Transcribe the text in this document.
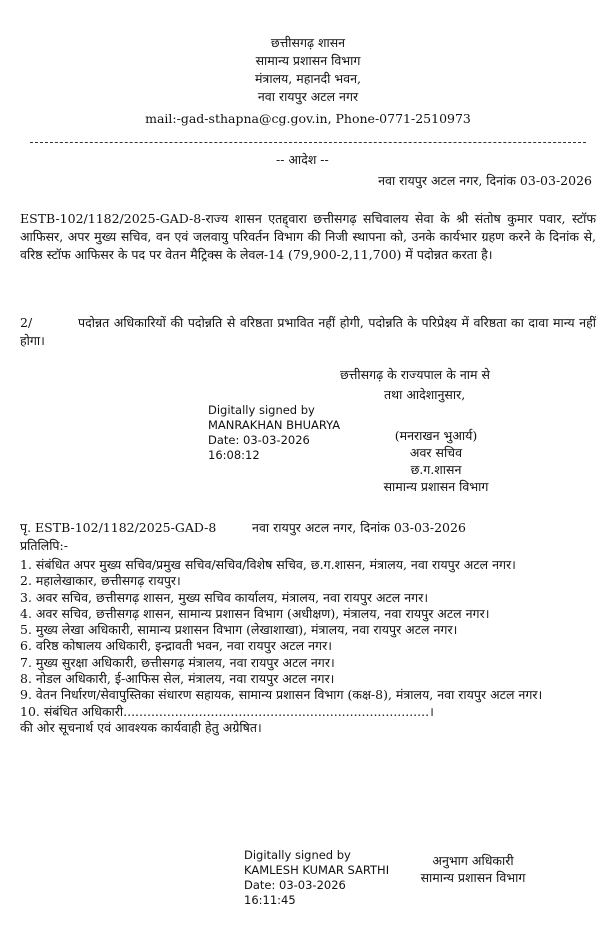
छत्तीसगढ़ शासन
सामान्य प्रशासन विभाग
मंत्रालय, महानदी भवन,
नवा रायपुर अटल नगर
mail:-gad-sthapna@cg.gov.in, Phone-0771-2510973
-- आदेश --
नवा रायपुर अटल नगर, दिनांक 03-03-2026
ESTB-102/1182/2025-GAD-8-राज्य शासन एतद्द्वारा छत्तीसगढ़ सचिवालय सेवा के श्री संतोष कुमार पवार, स्टॉफ आफिसर, अपर मुख्य सचिव, वन एवं जलवायु परिवर्तन विभाग की निजी स्थापना को, उनके कार्यभार ग्रहण करने के दिनांक से, वरिष्ठ स्टॉफ आफिसर के पद पर वेतन मैट्रिक्स के लेवल-14 (79,900-2,11,700) में पदोन्नत करता है।
2/	पदोन्नत अधिकारियों की पदोन्नति से वरिष्ठता प्रभावित नहीं होगी, पदोन्नति के परिप्रेक्ष्य में वरिष्ठता का दावा मान्य नहीं होगा।
छत्तीसगढ़ के राज्यपाल के नाम से
तथा आदेशानुसार,
Digitally signed by
MANRAKHAN BHUARYA
Date: 03-03-2026
16:08:12
(मनराखन भुआर्य)
अवर सचिव
छ.ग.शासन
सामान्य प्रशासन विभाग
पृ. ESTB-102/1182/2025-GAD-8	नवा रायपुर अटल नगर, दिनांक 03-03-2026
प्रतिलिपि:-
1. संबंधित अपर मुख्य सचिव/प्रमुख सचिव/सचिव/विशेष सचिव, छ.ग.शासन, मंत्रालय, नवा रायपुर अटल नगर।
2. महालेखाकार, छत्तीसगढ़ रायपुर।
3. अवर सचिव, छत्तीसगढ़ शासन, मुख्य सचिव कार्यालय, मंत्रालय, नवा रायपुर अटल नगर।
4. अवर सचिव, छत्तीसगढ़ शासन, सामान्य प्रशासन विभाग (अधीक्षण), मंत्रालय, नवा रायपुर अटल नगर।
5. मुख्य लेखा अधिकारी, सामान्य प्रशासन विभाग (लेखाशाखा), मंत्रालय, नवा रायपुर अटल नगर।
6. वरिष्ठ कोषालय अधिकारी, इन्द्रावती भवन, नवा रायपुर अटल नगर।
7. मुख्य सुरक्षा अधिकारी, छत्तीसगढ़ मंत्रालय, नवा रायपुर अटल नगर।
8. नोडल अधिकारी, ई-आफिस सेल, मंत्रालय, नवा रायपुर अटल नगर।
9. वेतन निर्धारण/सेवापुस्तिका संधारण सहायक, सामान्य प्रशासन विभाग (कक्ष-8), मंत्रालय, नवा रायपुर अटल नगर।
10. संबंधित अधिकारी.............................................................................।
की ओर सूचनार्थ एवं आवश्यक कार्यवाही हेतु अग्रेषित।
Digitally signed by
KAMLESH KUMAR SARTHI
Date: 03-03-2026
16:11:45
अनुभाग अधिकारी
सामान्य प्रशासन विभाग
